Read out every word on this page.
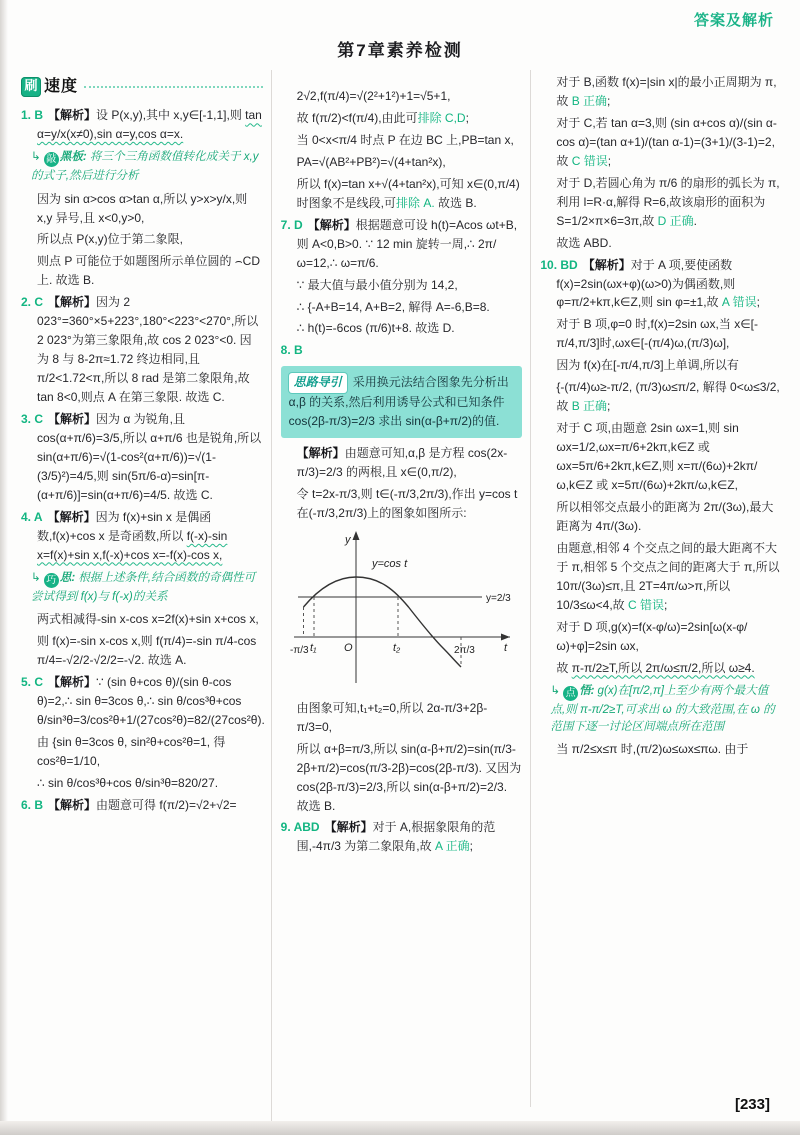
答案及解析
第7章素养检测
刷 速度

1. B 【解析】设 P(x,y),其中 x,y∈[-1,1],则 tan α=y/x(x≠0),sin α=y,cos α=x.

↳ 敲 黑板: 将三个三角函数值转化成关于 x,y 的式子,然后进行分析

因为 sin α>cos α>tan α,所以 y>x>y/x,则 x,y 异号,且 x<0,y>0,

所以点 P(x,y)位于第二象限,

则点 P 可能位于如题图所示单位圆的 ⌢CD 上. 故选 B.

2. C 【解析】因为 2 023°=360°×5+223°,180°<223°<270°,所以 2 023°为第三象限角,故 cos 2 023°<0. 因为 8 与 8-2π≈1.72 终边相同,且 π/2<1.72<π,所以 8 rad 是第二象限角,故 tan 8<0,则点 A 在第三象限. 故选 C.

3. C 【解析】因为 α 为锐角,且 cos(α+π/6)=3/5,所以 α+π/6 也是锐角,所以 sin(α+π/6)=√(1-cos²(α+π/6))=√(1-(3/5)²)=4/5,则 sin(5π/6-α)=sin[π-(α+π/6)]=sin(α+π/6)=4/5. 故选 C.

4. A 【解析】因为 f(x)+sin x 是偶函数,f(x)+cos x 是奇函数,所以 f(-x)-sin x=f(x)+sin x,f(-x)+cos x=-f(x)-cos x,

↳ 巧 思: 根据上述条件,结合函数的奇偶性可尝试得到 f(x)与 f(-x)的关系

两式相减得-sin x-cos x=2f(x)+sin x+cos x,

则 f(x)=-sin x-cos x,则 f(π/4)=-sin π/4-cos π/4=-√2/2-√2/2=-√2. 故选 A.

5. C 【解析】∵ (sin θ+cos θ)/(sin θ-cos θ)=2,∴ sin θ=3cos θ,∴ sin θ/cos³θ+cos θ/sin³θ=3/cos²θ+1/(27cos²θ)=82/(27cos²θ).

由 {sin θ=3cos θ, sin²θ+cos²θ=1, 得 cos²θ=1/10,

∴ sin θ/cos³θ+cos θ/sin³θ=820/27.

6. B 【解析】由题意可得 f(π/2)=√2+√2=

2√2,f(π/4)=√(2²+1²)+1=√5+1,

故 f(π/2)<f(π/4),由此可排除 C,D;

当 0<x<π/4 时点 P 在边 BC 上,PB=tan x,

PA=√(AB²+PB²)=√(4+tan²x),

所以 f(x)=tan x+√(4+tan²x),可知 x∈(0,π/4)时图象不是线段,可排除 A. 故选 B.

7. D 【解析】根据题意可设 h(t)=Acos ωt+B,则 A<0,B>0. ∵ 12 min 旋转一周,∴ 2π/ω=12,∴ ω=π/6.

∵ 最大值与最小值分别为 14,2,

∴ {-A+B=14, A+B=2, 解得 A=-6,B=8.

∴ h(t)=-6cos (π/6)t+8. 故选 D.

8. B

思路导引 采用换元法结合图象先分析出 α,β 的关系,然后利用诱导公式和已知条件 cos(2β-π/3)=2/3 求出 sin(α-β+π/2)的值.

【解析】由题意可知,α,β 是方程 cos(2x-π/3)=2/3 的两根,且 x∈(0,π/2),

令 t=2x-π/3,则 t∈(-π/3,2π/3),作出 y=cos t 在(-π/3,2π/3)上的图象如图所示:

y
t
O
-π/3 t₁	t₂	2π/3
y=cos t
y=2/3

由图象可知,t₁+t₂=0,所以 2α-π/3+2β-π/3=0,

所以 α+β=π/3,所以 sin(α-β+π/2)=sin(π/3-2β+π/2)=cos(π/3-2β)=cos(2β-π/3). 又因为 cos(2β-π/3)=2/3,所以 sin(α-β+π/2)=2/3. 故选 B.

9. ABD 【解析】对于 A,根据象限角的范围,-4π/3 为第二象限角,故 A 正确;

对于 B,函数 f(x)=|sin x|的最小正周期为 π,故 B 正确;

对于 C,若 tan α=3,则 (sin α+cos α)/(sin α-cos α)=(tan α+1)/(tan α-1)=(3+1)/(3-1)=2,故 C 错误;

对于 D,若圆心角为 π/6 的扇形的弧长为 π,利用 l=R·α,解得 R=6,故该扇形的面积为 S=1/2×π×6=3π,故 D 正确.

故选 ABD.

10. BD 【解析】对于 A 项,要使函数 f(x)=2sin(ωx+φ)(ω>0)为偶函数,则 φ=π/2+kπ,k∈Z,则 sin φ=±1,故 A 错误;

对于 B 项,φ=0 时,f(x)=2sin ωx,当 x∈[-π/4,π/3]时,ωx∈[-(π/4)ω,(π/3)ω],

因为 f(x)在[-π/4,π/3]上单调,所以有

{-(π/4)ω≥-π/2, (π/3)ω≤π/2, 解得 0<ω≤3/2,故 B 正确;

对于 C 项,由题意 2sin ωx=1,则 sin ωx=1/2,ωx=π/6+2kπ,k∈Z 或 ωx=5π/6+2kπ,k∈Z,则 x=π/(6ω)+2kπ/ω,k∈Z 或 x=5π/(6ω)+2kπ/ω,k∈Z,

所以相邻交点最小的距离为 2π/(3ω),最大距离为 4π/(3ω).

由题意,相邻 4 个交点之间的最大距离不大于 π,相邻 5 个交点之间的距离大于 π,所以 10π/(3ω)≤π,且 2T=4π/ω>π,所以 10/3≤ω<4,故 C 错误;

对于 D 项,g(x)=f(x-φ/ω)=2sin[ω(x-φ/ω)+φ]=2sin ωx,

故 π-π/2≥T,所以 2π/ω≤π/2,所以 ω≥4.

↳ 点 悟: g(x)在[π/2,π]上至少有两个最大值点,则 π-π/2≥T,可求出 ω 的大致范围,在 ω 的范围下逐一讨论区间端点所在范围

当 π/2≤x≤π 时,(π/2)ω≤ωx≤πω. 由于

[233]
